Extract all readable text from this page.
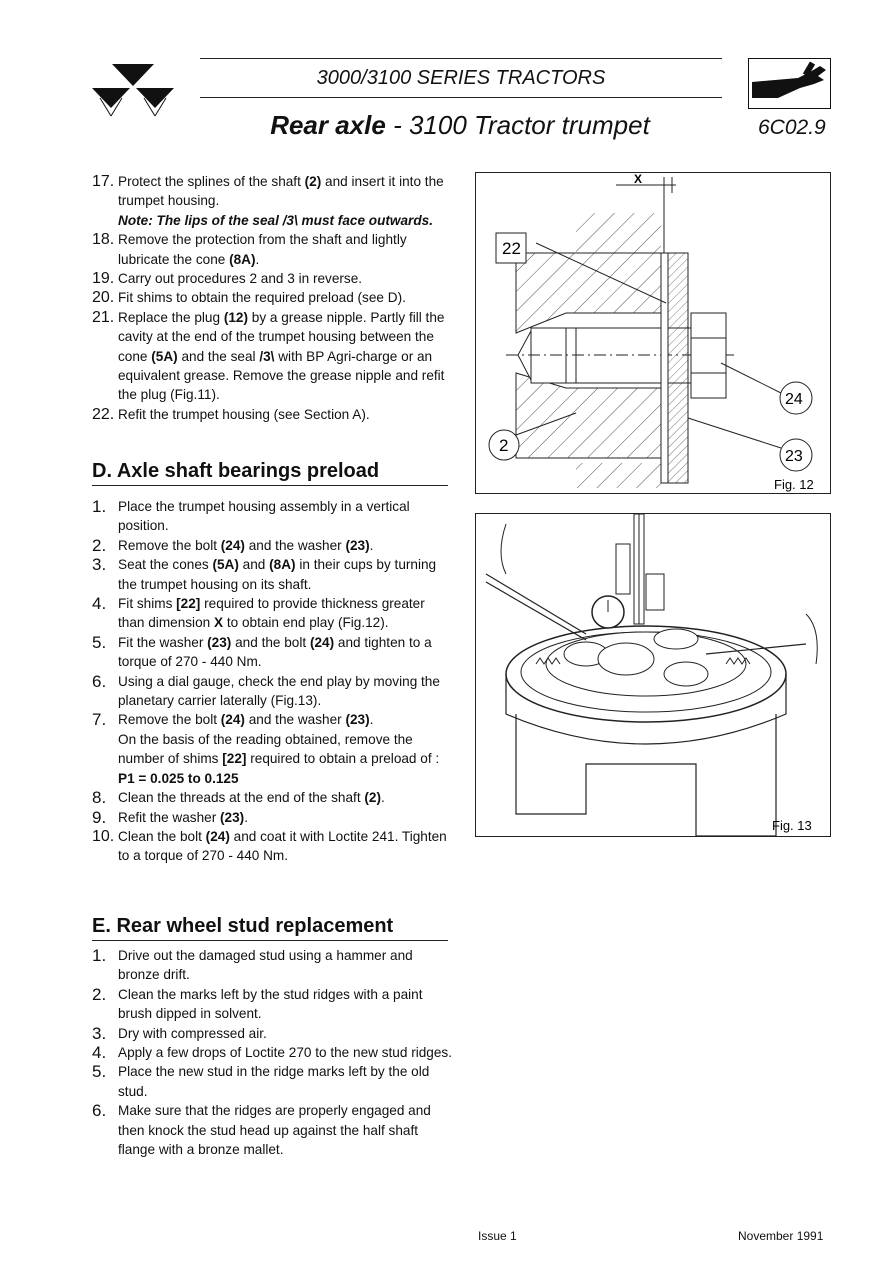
3000/3100 SERIES TRACTORS
Rear axle - 3100 Tractor trumpet	6C02.9
17. Protect the splines of the shaft (2) and insert it into the trumpet housing.
Note: The lips of the seal /3\ must face outwards.
18. Remove the protection from the shaft and lightly lubricate the cone (8A).
19. Carry out procedures 2 and 3 in reverse.
20. Fit shims to obtain the required preload (see D).
21. Replace the plug (12) by a grease nipple. Partly fill the cavity at the end of the trumpet housing between the cone (5A) and the seal /3\ with BP Agri-charge or an equivalent grease. Remove the grease nipple and refit the plug (Fig.11).
22. Refit the trumpet housing (see Section A).
D. Axle shaft bearings preload
1. Place the trumpet housing assembly in a vertical position.
2. Remove the bolt (24) and the washer (23).
3. Seat the cones (5A) and (8A) in their cups by turning the trumpet housing on its shaft.
4. Fit shims [22] required to provide thickness greater than dimension X to obtain end play (Fig.12).
5. Fit the washer (23) and the bolt (24) and tighten to a torque of 270 - 440 Nm.
6. Using a dial gauge, check the end play by moving the planetary carrier laterally (Fig.13).
7. Remove the bolt (24) and the washer (23).
On the basis of the reading obtained, remove the number of shims [22] required to obtain a preload of : P1 = 0.025 to 0.125
8. Clean the threads at the end of the shaft (2).
9. Refit the washer (23).
10. Clean the bolt (24) and coat it with Loctite 241. Tighten to a torque of 270 - 440 Nm.
E. Rear wheel stud replacement
1. Drive out the damaged stud using a hammer and bronze drift.
2. Clean the marks left by the stud ridges with a paint brush dipped in solvent.
3. Dry with compressed air.
4. Apply a few drops of Loctite 270 to the new stud ridges.
5. Place the new stud in the ridge marks left by the old stud.
6. Make sure that the ridges are properly engaged and then knock the stud head up against the half shaft flange with a bronze mallet.
X
22
2
24
23
Fig. 12
Fig. 13
Issue 1	November 1991
